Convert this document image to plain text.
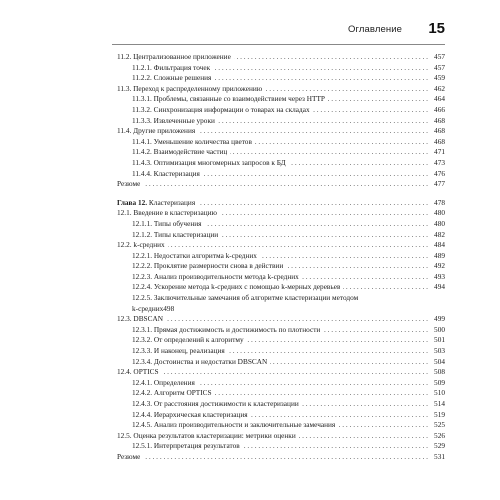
Оглавление 15
11.2. Централизованное приложение . . .	457
11.2.1. Фильтрация точек . . .	457
11.2.2. Сложные решения . . .	459
11.3. Переход к распределенному приложению . . .	462
11.3.1. Проблемы, связанные со взаимодействием через HTTP . . .	464
11.3.2. Синхронизация информации о товарах на складах . . .	466
11.3.3. Извлеченные уроки . . .	468
11.4. Другие приложения . . .	468
11.4.1. Уменьшение количества цветов . . .	468
11.4.2. Взаимодействие частиц . . .	471
11.4.3. Оптимизация многомерных запросов к БД . . .	473
11.4.4. Кластеризация . . .	476
Резюме . . .	477
Глава 12. Кластеризация . . .	478
12.1. Введение в кластеризацию . . .	480
12.1.1. Типы обучения . . .	480
12.1.2. Типы кластеризации . . .	482
12.2. k-средних . . .	484
12.2.1. Недостатки алгоритма k-средних . . .	489
12.2.2. Проклятие размерности снова в действии . . .	492
12.2.3. Анализ производительности метода k-средних . . .	493
12.2.4. Ускорение метода k-средних с помощью k-мерных деревьев . . .	494
12.2.5. Заключительные замечания об алгоритме кластеризации методом
k-средних 498
12.3. DBSCAN . . .	499
12.3.1. Прямая достижимость и достижимость по плотности . . .	500
12.3.2. От определений к алгоритму . . .	501
12.3.3. И наконец, реализация . . .	503
12.3.4. Достоинства и недостатки DBSCAN . . .	504
12.4. OPTICS . . .	508
12.4.1. Определения . . .	509
12.4.2. Алгоритм OPTICS . . .	510
12.4.3. От расстояния достижимости к кластеризации . . .	514
12.4.4. Иерархическая кластеризация . . .	519
12.4.5. Анализ производительности и заключительные замечания . . .	525
12.5. Оценка результатов кластеризации: метрики оценки . . .	526
12.5.1. Интерпретация результатов . . .	529
Резюме . . .	531
